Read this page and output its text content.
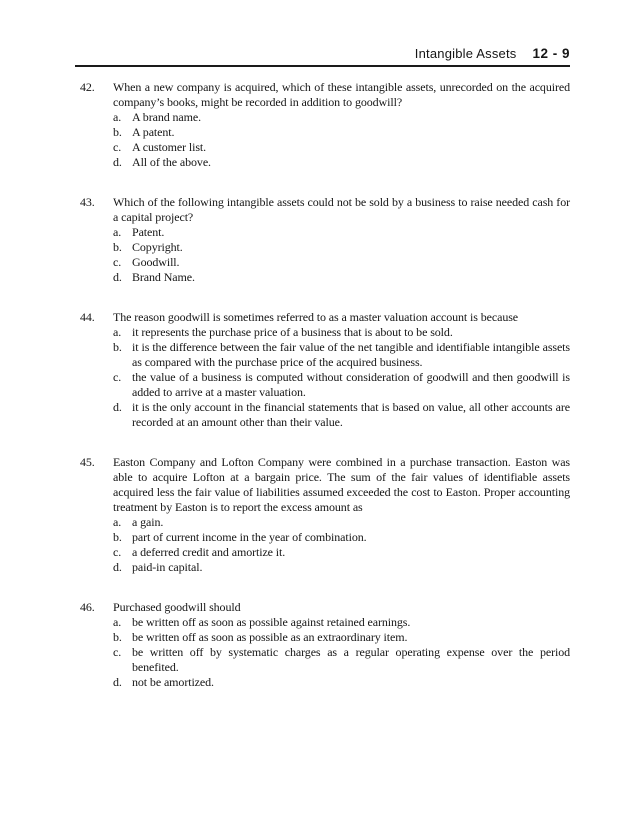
Intangible Assets 12 - 9
42.	When a new company is acquired, which of these intangible assets, unrecorded on the acquired company’s books, might be recorded in addition to goodwill?
a. A brand name.
b. A patent.
c. A customer list.
d. All of the above.
43.	Which of the following intangible assets could not be sold by a business to raise needed cash for a capital project?
a. Patent.
b. Copyright.
c. Goodwill.
d. Brand Name.
44.	The reason goodwill is sometimes referred to as a master valuation account is because
a. it represents the purchase price of a business that is about to be sold.
b. it is the difference between the fair value of the net tangible and identifiable intangible assets as compared with the purchase price of the acquired business.
c. the value of a business is computed without consideration of goodwill and then goodwill is added to arrive at a master valuation.
d. it is the only account in the financial statements that is based on value, all other accounts are recorded at an amount other than their value.
45.	Easton Company and Lofton Company were combined in a purchase transaction. Easton was able to acquire Lofton at a bargain price. The sum of the fair values of identifiable assets acquired less the fair value of liabilities assumed exceeded the cost to Easton. Proper accounting treatment by Easton is to report the excess amount as
a. a gain.
b. part of current income in the year of combination.
c. a deferred credit and amortize it.
d. paid-in capital.
46.	Purchased goodwill should
a. be written off as soon as possible against retained earnings.
b. be written off as soon as possible as an extraordinary item.
c. be written off by systematic charges as a regular operating expense over the period benefited.
d. not be amortized.
